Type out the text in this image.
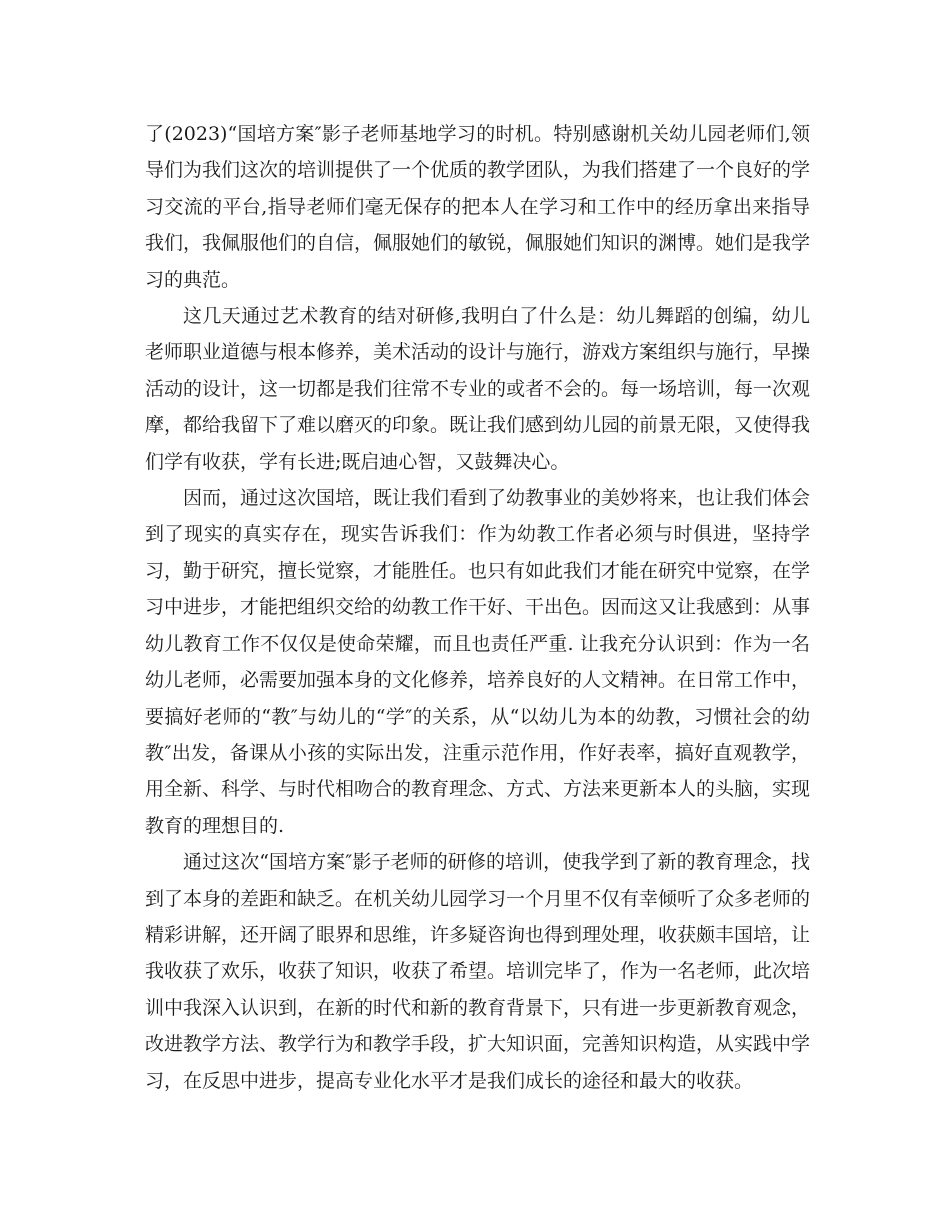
了(2023)“国培方案″影子老师基地学习的时机。特别感谢机关幼儿园老师们,领导们为我们这次的培训提供了一个优质的教学团队，为我们搭建了一个良好的学习交流的平台,指导老师们毫无保存的把本人在学习和工作中的经历拿出来指导我们，我佩服他们的自信，佩服她们的敏锐，佩服她们知识的渊博。她们是我学习的典范。

这几天通过艺术教育的结对研修,我明白了什么是：幼儿舞蹈的创编，幼儿老师职业道德与根本修养，美术活动的设计与施行，游戏方案组织与施行，早操活动的设计，这一切都是我们往常不专业的或者不会的。每一场培训，每一次观摩，都给我留下了难以磨灭的印象。既让我们感到幼儿园的前景无限，又使得我们学有收获，学有长进;既启迪心智，又鼓舞决心。

因而，通过这次国培，既让我们看到了幼教事业的美妙将来，也让我们体会到了现实的真实存在，现实告诉我们：作为幼教工作者必须与时俱进，坚持学习，勤于研究，擅长觉察，才能胜任。也只有如此我们才能在研究中觉察，在学习中进步，才能把组织交给的幼教工作干好、干出色。因而这又让我感到：从事幼儿教育工作不仅仅是使命荣耀，而且也责任严重. 让我充分认识到：作为一名幼儿老师，必需要加强本身的文化修养，培养良好的人文精神。在日常工作中，要搞好老师的“教″与幼儿的“学″的关系，从“以幼儿为本的幼教，习惯社会的幼教″出发，备课从小孩的实际出发，注重示范作用，作好表率，搞好直观教学，用全新、科学、与时代相吻合的教育理念、方式、方法来更新本人的头脑，实现教育的理想目的.

通过这次“国培方案″影子老师的研修的培训，使我学到了新的教育理念，找到了本身的差距和缺乏。在机关幼儿园学习一个月里不仅有幸倾听了众多老师的精彩讲解，还开阔了眼界和思维，许多疑咨询也得到理处理，收获颇丰国培，让我收获了欢乐，收获了知识，收获了希望。培训完毕了，作为一名老师，此次培训中我深入认识到，在新的时代和新的教育背景下，只有进一步更新教育观念，改进教学方法、教学行为和教学手段，扩大知识面，完善知识构造，从实践中学习，在反思中进步，提高专业化水平才是我们成长的途径和最大的收获。
